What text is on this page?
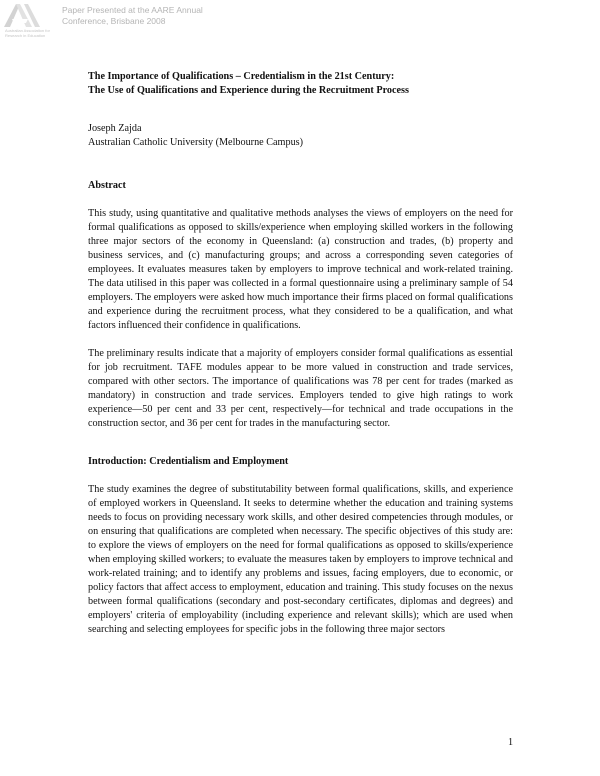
Australian Association for Research in Education
Paper Presented at the AARE Annual
Conference, Brisbane 2008
The Importance of Qualifications – Credentialism in the 21st Century:
The Use of Qualifications and Experience during the Recruitment Process
Joseph Zajda
Australian Catholic University (Melbourne Campus)
Abstract

This study, using quantitative and qualitative methods analyses the views of employers on the need for formal qualifications as opposed to skills/experience when employing skilled workers in the following three major sectors of the economy in Queensland: (a) construction and trades, (b) property and business services, and (c) manufacturing groups; and across a corresponding seven categories of employees. It evaluates measures taken by employers to improve technical and work-related training. The data utilised in this paper was collected in a formal questionnaire using a preliminary sample of 54 employers. The employers were asked how much importance their firms placed on formal qualifications and experience during the recruitment process, what they considered to be a qualification, and what factors influenced their confidence in qualifications.

The preliminary results indicate that a majority of employers consider formal qualifications as essential for job recruitment. TAFE modules appear to be more valued in construction and trade services, compared with other sectors. The importance of qualifications was 78 per cent for trades (marked as mandatory) in construction and trade services. Employers tended to give high ratings to work experience—50 per cent and 33 per cent, respectively—for technical and trade occupations in the construction sector, and 36 per cent for trades in the manufacturing sector.

Introduction: Credentialism and Employment

The study examines the degree of substitutability between formal qualifications, skills, and experience of employed workers in Queensland. It seeks to determine whether the education and training systems needs to focus on providing necessary work skills, and other desired competencies through modules, or on ensuring that qualifications are completed when necessary. The specific objectives of this study are: to explore the views of employers on the need for formal qualifications as opposed to skills/experience when employing skilled workers; to evaluate the measures taken by employers to improve technical and work-related training; and to identify any problems and issues, facing employers, due to economic, or policy factors that affect access to employment, education and training. This study focuses on the nexus between formal qualifications (secondary and post-secondary certificates, diplomas and degrees) and employers' criteria of employability (including experience and relevant skills); which are used when searching and selecting employees for specific jobs in the following three major sectors

1
